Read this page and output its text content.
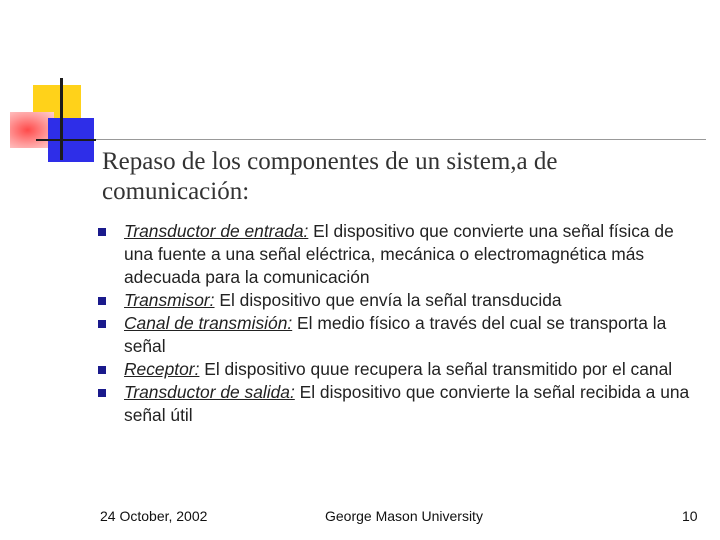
Repaso de los componentes de un sistem,a de
comunicación:
Transductor de entrada: El dispositivo que convierte una señal física de una fuente a una señal eléctrica, mecánica o electromagnética más adecuada para la comunicación
Transmisor: El dispositivo que envía la señal transducida
Canal de transmisión: El medio físico a través del cual se transporta la señal
Receptor: El dispositivo quue recupera la señal transmitido por el canal
Transductor de salida: El dispositivo que convierte la señal recibida a una señal útil
24 October, 2002	George Mason University	10
